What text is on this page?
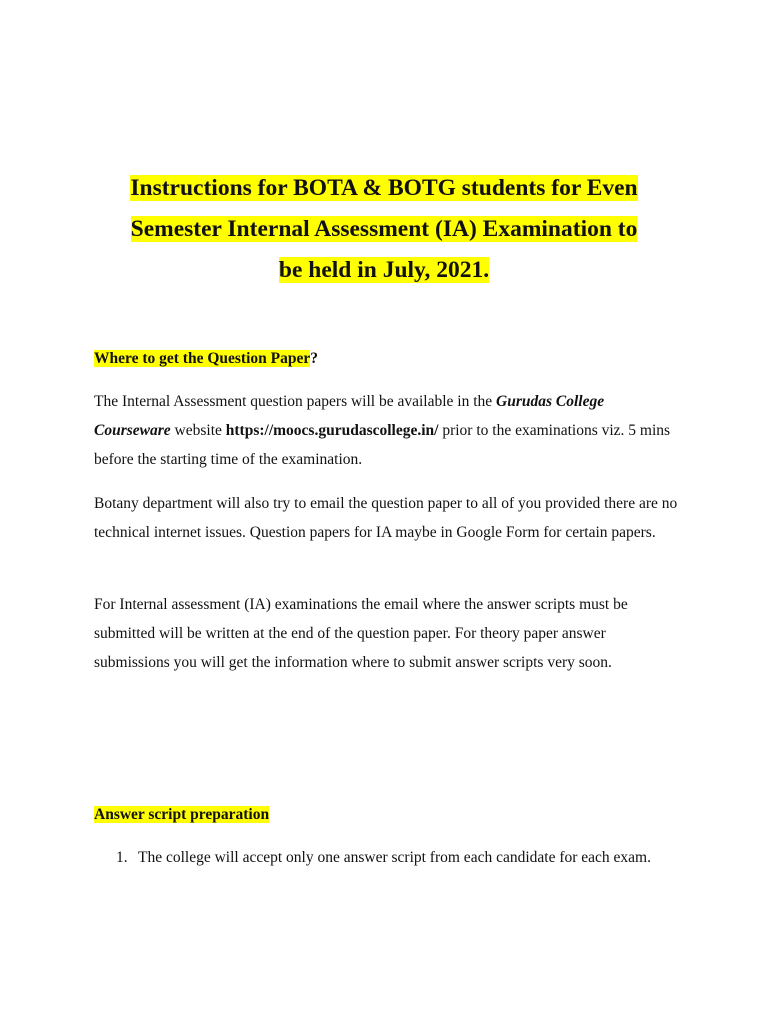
Instructions for BOTA & BOTG students for Even
Semester Internal Assessment (IA) Examination to
be held in July, 2021.
Where to get the Question Paper?

The Internal Assessment question papers will be available in the Gurudas College Courseware website https://moocs.gurudascollege.in/ prior to the examinations viz. 5 mins before the starting time of the examination.

Botany department will also try to email the question paper to all of you provided there are no technical internet issues. Question papers for IA maybe in Google Form for certain papers.

For Internal assessment (IA) examinations the email where the answer scripts must be submitted will be written at the end of the question paper. For theory paper answer submissions you will get the information where to submit answer scripts very soon.

Answer script preparation
1. The college will accept only one answer script from each candidate for each exam.
